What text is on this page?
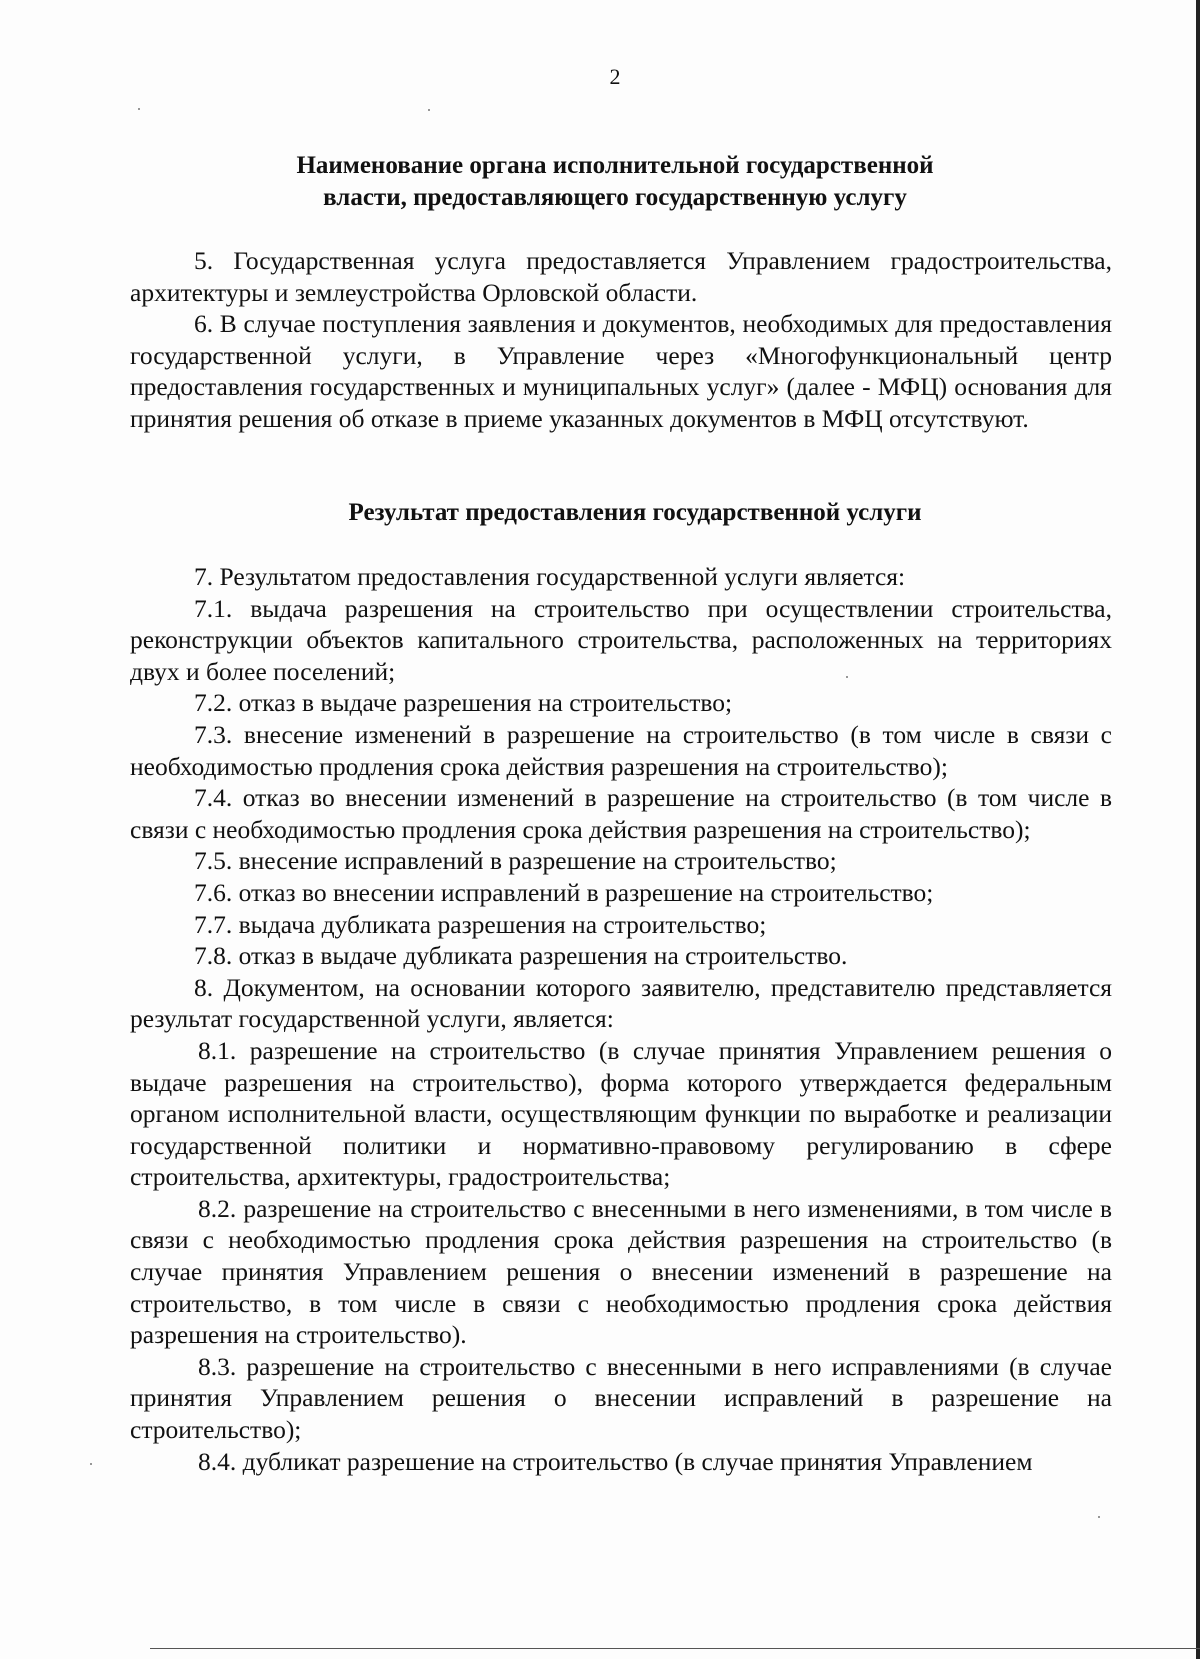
2
Наименование органа исполнительной государственной
власти, предоставляющего государственную услугу

5. Государственная услуга предоставляется Управлением градостроительства, архитектуры и землеустройства Орловской области.

6. В случае поступления заявления и документов, необходимых для предоставления государственной услуги, в Управление через «Многофункциональный центр предоставления государственных и муниципальных услуг» (далее - МФЦ) основания для принятия решения об отказе в приеме указанных документов в МФЦ отсутствуют.

Результат предоставления государственной услуги

7. Результатом предоставления государственной услуги является:

7.1. выдача разрешения на строительство при осуществлении строительства, реконструкции объектов капитального строительства, расположенных на территориях двух и более поселений;

7.2. отказ в выдаче разрешения на строительство;

7.3. внесение изменений в разрешение на строительство (в том числе в связи с необходимостью продления срока действия разрешения на строительство);

7.4. отказ во внесении изменений в разрешение на строительство (в том числе в связи с необходимостью продления срока действия разрешения на строительство);

7.5. внесение исправлений в разрешение на строительство;

7.6. отказ во внесении исправлений в разрешение на строительство;

7.7. выдача дубликата разрешения на строительство;

7.8. отказ в выдаче дубликата разрешения на строительство.

8. Документом, на основании которого заявителю, представителю представляется результат государственной услуги, является:

8.1. разрешение на строительство (в случае принятия Управлением решения о выдаче разрешения на строительство), форма которого утверждается федеральным органом исполнительной власти, осуществляющим функции по выработке и реализации государственной политики и нормативно-правовому регулированию в сфере строительства, архитектуры, градостроительства;

8.2. разрешение на строительство с внесенными в него изменениями, в том числе в связи с необходимостью продления срока действия разрешения на строительство (в случае принятия Управлением решения о внесении изменений в разрешение на строительство, в том числе в связи с необходимостью продления срока действия разрешения на строительство).

8.3. разрешение на строительство с внесенными в него исправлениями (в случае принятия Управлением решения о внесении исправлений в разрешение на строительство);

8.4. дубликат разрешение на строительство (в случае принятия Управлением
